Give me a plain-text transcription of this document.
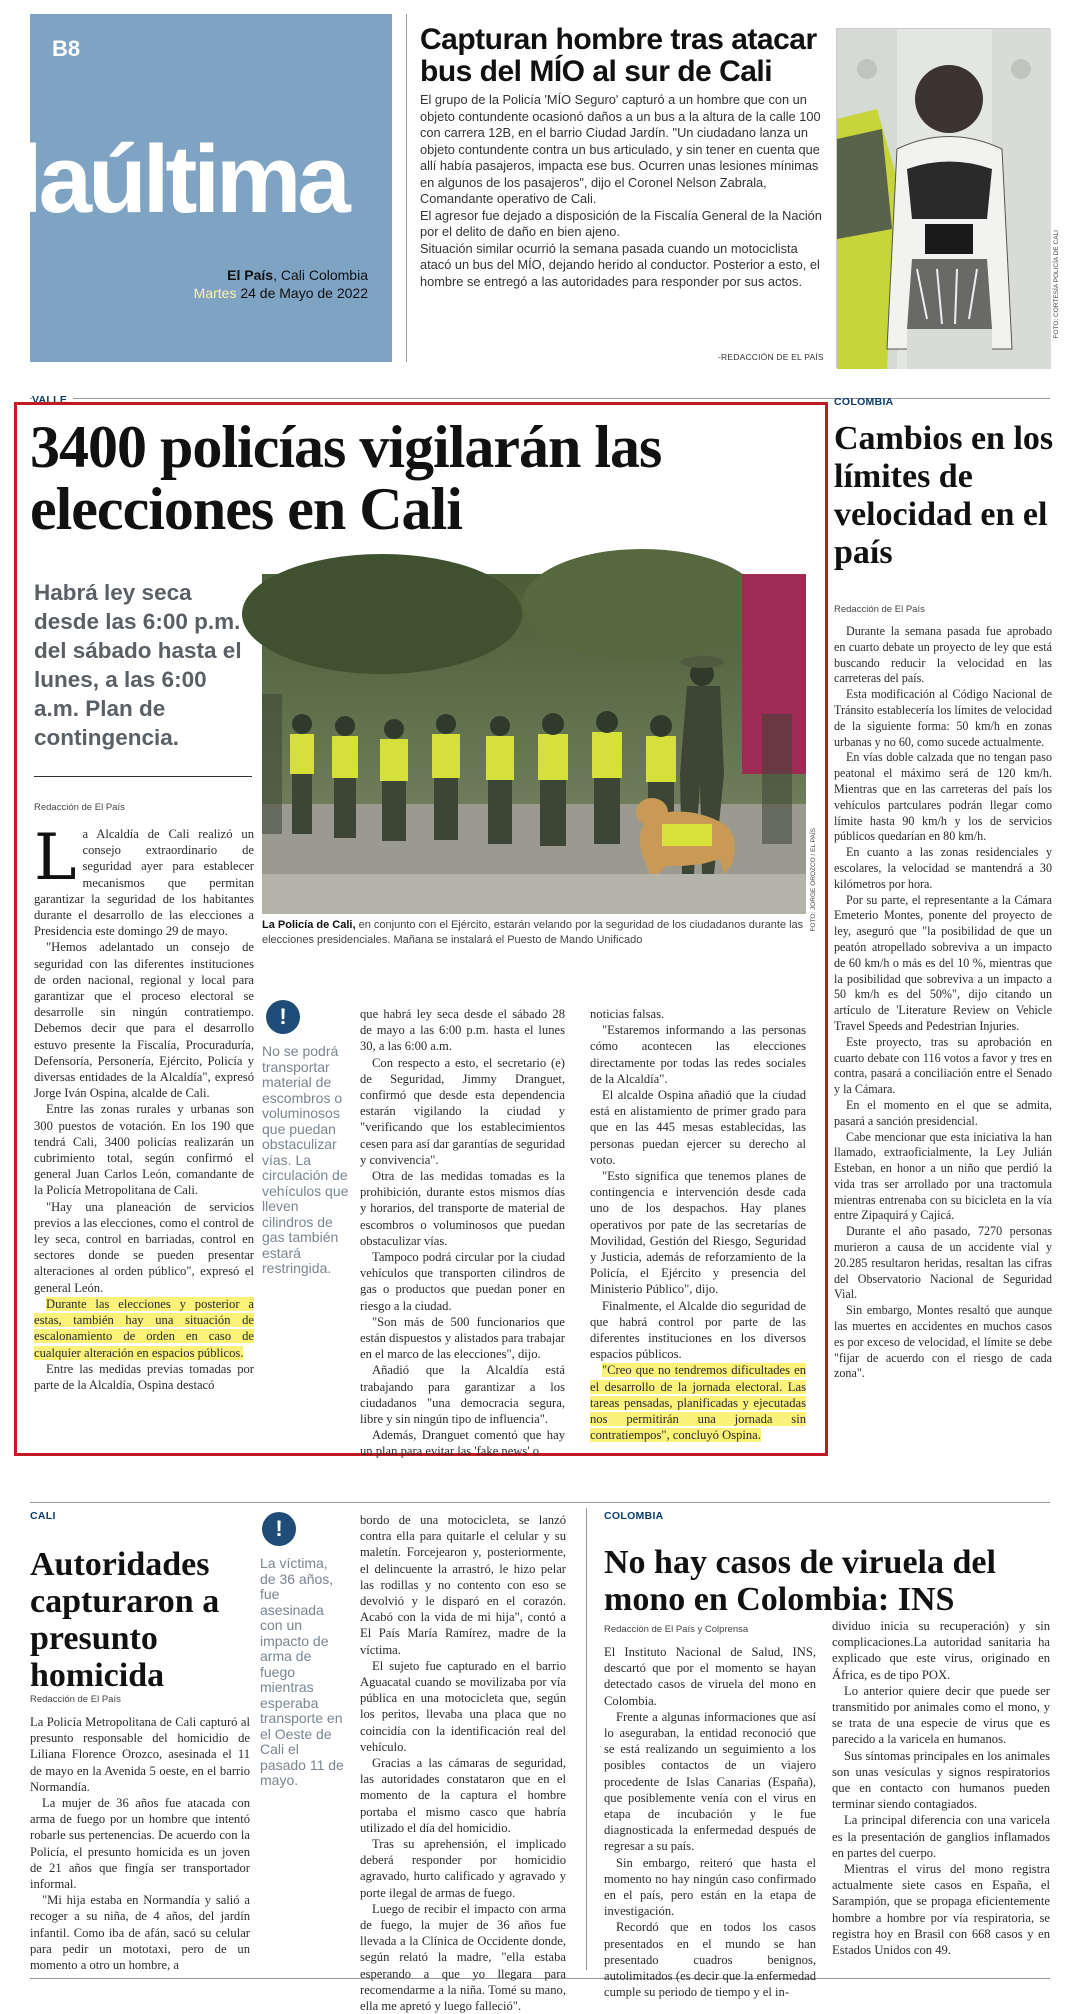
B8
laúltima
El País, Cali Colombia
Martes 24 de Mayo de 2022
Capturan hombre tras atacar bus del MÍO al sur de Cali

El grupo de la Policía 'MÍO Seguro' capturó a un hombre que con un objeto contundente ocasionó daños a un bus a la altura de la calle 100 con carrera 12B, en el barrio Ciudad Jardín. "Un ciudadano lanza un objeto contundente contra un bus articulado, y sin tener en cuenta que allí había pasajeros, impacta ese bus. Ocurren unas lesiones mínimas en algunos de los pasajeros", dijo el Coronel Nelson Zabrala, Comandante operativo de Cali.

El agresor fue dejado a disposición de la Fiscalía General de la Nación por el delito de daño en bien ajeno.

Situación similar ocurrió la semana pasada cuando un motociclista atacó un bus del MÍO, dejando herido al conductor. Posterior a esto, el hombre se entregó a las autoridades para responder por sus actos.

-REDACCIÓN DE EL PAÍS
FOTO: CORTESÍA POLICÍA DE CALI
VALLE
3400 policías vigilarán las elecciones en Cali
Habrá ley seca desde las 6:00 p.m. del sábado hasta el lunes, a las 6:00 a.m. Plan de contingencia.
Redacción de El País
FOTO: JORGE OROZCO / EL PAÍS
La Policía de Cali, en conjunto con el Ejército, estarán velando por la seguridad de los ciudadanos durante las elecciones presidenciales. Mañana se instalará el Puesto de Mando Unificado

La Alcaldía de Cali realizó un consejo extraordinario de seguridad ayer para establecer mecanismos que permitan garantizar la seguridad de los habitantes durante el desarrollo de las elecciones a Presidencia este domingo 29 de mayo.

"Hemos adelantado un consejo de seguridad con las diferentes instituciones de orden nacional, regional y local para garantizar que el proceso electoral se desarrolle sin ningún contratiempo. Debemos decir que para el desarrollo estuvo presente la Fiscalía, Procuraduría, Defensoría, Personería, Ejército, Policía y diversas entidades de la Alcaldía", expresó Jorge Iván Ospina, alcalde de Cali.

Entre las zonas rurales y urbanas son 300 puestos de votación. En los 190 que tendrá Cali, 3400 policías realizarán un cubrimiento total, según confirmó el general Juan Carlos León, comandante de la Policía Metropolitana de Cali.

"Hay una planeación de servicios previos a las elecciones, como el control de ley seca, control en barriadas, control en sectores donde se pueden presentar alteraciones al orden público", expresó el general León.

Durante las elecciones y posterior a estas, también hay una situación de escalonamiento de orden en caso de cualquier alteración en espacios públicos.

Entre las medidas previas tomadas por parte de la Alcaldía, Ospina destacó

!
No se podrá transportar material de escombros o voluminosos que puedan obstaculizar vías. La circulación de vehículos que lleven cilindros de gas también estará restringida.

que habrá ley seca desde el sábado 28 de mayo a las 6:00 p.m. hasta el lunes 30, a las 6:00 a.m.

Con respecto a esto, el secretario (e) de Seguridad, Jimmy Dranguet, confirmó que desde esta dependencia estarán vigilando la ciudad y "verificando que los establecimientos cesen para así dar garantías de seguridad y convivencia".

Otra de las medidas tomadas es la prohibición, durante estos mismos días y horarios, del transporte de material de escombros o voluminosos que puedan obstaculizar vías.

Tampoco podrá circular por la ciudad vehículos que transporten cilindros de gas o productos que puedan poner en riesgo a la ciudad.

"Son más de 500 funcionarios que están dispuestos y alistados para trabajar en el marco de las elecciones", dijo.

Añadió que la Alcaldía está trabajando para garantizar a los ciudadanos "una democracia segura, libre y sin ningún tipo de influencia".

Además, Dranguet comentó que hay un plan para evitar las 'fake news' o

noticias falsas.

"Estaremos informando a las personas cómo acontecen las elecciones directamente por todas las redes sociales de la Alcaldía".

El alcalde Ospina añadió que la ciudad está en alistamiento de primer grado para que en las 445 mesas establecidas, las personas puedan ejercer su derecho al voto.

"Esto significa que tenemos planes de contingencia e intervención desde cada uno de los despachos. Hay planes operativos por pate de las secretarías de Movilidad, Gestión del Riesgo, Seguridad y Justicia, además de reforzamiento de la Policía, el Ejército y presencia del Ministerio Público", dijo.

Finalmente, el Alcalde dio seguridad de que habrá control por parte de las diferentes instituciones en los diversos espacios públicos.

"Creo que no tendremos dificultades en el desarrollo de la jornada electoral. Las tareas pensadas, planificadas y ejecutadas nos permitirán una jornada sin contratiempos", concluyó Ospina.

COLOMBIA
Cambios en los límites de velocidad en el país
Redacción de El País

Durante la semana pasada fue aprobado en cuarto debate un proyecto de ley que está buscando reducir la velocidad en las carreteras del país.

Esta modificación al Código Nacional de Tránsito establecería los límites de velocidad de la siguiente forma: 50 km/h en zonas urbanas y no 60, como sucede actualmente.

En vías doble calzada que no tengan paso peatonal el máximo será de 120 km/h. Mientras que en las carreteras del país los vehículos partculares podrán llegar como límite hasta 90 km/h y los de servicios públicos quedarían en 80 km/h.

En cuanto a las zonas residenciales y escolares, la velocidad se mantendrá a 30 kilómetros por hora.

Por su parte, el representante a la Cámara Emeterio Montes, ponente del proyecto de ley, aseguró que "la posibilidad de que un peatón atropellado sobreviva a un impacto de 60 km/h o más es del 10 %, mientras que la posibilidad que sobreviva a un impacto a 50 km/h es del 50%", dijo citando un artículo de 'Literature Review on Vehicle Travel Speeds and Pedestrian Injuries.

Este proyecto, tras su aprobación en cuarto debate con 116 votos a favor y tres en contra, pasará a conciliación entre el Senado y la Cámara.

En el momento en el que se admita, pasará a sanción presidencial.

Cabe mencionar que esta iniciativa la han llamado, extraoficialmente, la Ley Julián Esteban, en honor a un niño que perdió la vida tras ser arrollado por una tractomula mientras entrenaba con su bicicleta en la vía entre Zipaquirá y Cajicá.

Durante el año pasado, 7270 personas murieron a causa de un accidente vial y 20.285 resultaron heridas, resaltan las cifras del Observatorio Nacional de Seguridad Vial.

Sin embargo, Montes resaltó que aunque las muertes en accidentes en muchos casos es por exceso de velocidad, el límite se debe "fijar de acuerdo con el riesgo de cada zona".

CALI
Autoridades capturaron a presunto homicida
Redacción de El País

La Policía Metropolitana de Cali capturó al presunto responsable del homicidio de Liliana Florence Orozco, asesinada el 11 de mayo en la Avenida 5 oeste, en el barrio Normandía.

La mujer de 36 años fue atacada con arma de fuego por un hombre que intentó robarle sus pertenencias. De acuerdo con la Policía, el presunto homicida es un joven de 21 años que fingía ser transportador informal.

"Mi hija estaba en Normandía y salió a recoger a su niña, de 4 años, del jardín infantil. Como iba de afán, sacó su celular para pedir un mototaxi, pero de un momento a otro un hombre, a

!
La víctima, de 36 años, fue asesinada con un impacto de arma de fuego mientras esperaba transporte en el Oeste de Cali el pasado 11 de mayo.

bordo de una motocicleta, se lanzó contra ella para quitarle el celular y su maletín. Forcejearon y, posteriormente, el delincuente la arrastró, le hizo pelar las rodillas y no contento con eso se devolvió y le disparó en el corazón. Acabó con la vida de mi hija", contó a El País María Ramírez, madre de la víctima.

El sujeto fue capturado en el barrio Aguacatal cuando se movilizaba por vía pública en una motocicleta que, según los peritos, llevaba una placa que no coincidía con la identificación real del vehículo.

Gracias a las cámaras de seguridad, las autoridades constataron que en el momento de la captura el hombre portaba el mismo casco que habría utilizado el día del homicidio.

Tras su aprehensión, el implicado deberá responder por homicidio agravado, hurto calificado y agravado y porte ilegal de armas de fuego.

Luego de recibir el impacto con arma de fuego, la mujer de 36 años fue llevada a la Clínica de Occidente donde, según relató la madre, "ella estaba esperando a que yo llegara para recomendarme a la niña. Tomé su mano, ella me apretó y luego falleció".

COLOMBIA
No hay casos de viruela del mono en Colombia: INS
Redacción de El País y Colprensa

El Instituto Nacional de Salud, INS, descartó que por el momento se hayan detectado casos de viruela del mono en Colombia.

Frente a algunas informaciones que así lo aseguraban, la entidad reconoció que se está realizando un seguimiento a los posibles contactos de un viajero procedente de Islas Canarias (España), que posiblemente venía con el virus en etapa de incubación y le fue diagnosticada la enfermedad después de regresar a su país.

Sin embargo, reiteró que hasta el momento no hay ningún caso confirmado en el país, pero están en la etapa de investigación.

Recordó que en todos los casos presentados en el mundo se han presentado cuadros benignos, autolimitados (es decir que la enfermedad cumple su periodo de tiempo y el in-

dividuo inicia su recuperación) y sin complicaciones.La autoridad sanitaria ha explicado que este virus, originado en África, es de tipo POX.

Lo anterior quiere decir que puede ser transmitido por animales como el mono, y se trata de una especie de virus que es parecido a la varicela en humanos.

Sus síntomas principales en los animales son unas vesículas y signos respiratorios que en contacto con humanos pueden terminar siendo contagiados.

La principal diferencia con una varicela es la presentación de ganglios inflamados en partes del cuerpo.

Mientras el virus del mono registra actualmente siete casos en España, el Sarampión, que se propaga eficientemente hombre a hombre por vía respiratoria, se registra hoy en Brasil con 668 casos y en Estados Unidos con 49.
